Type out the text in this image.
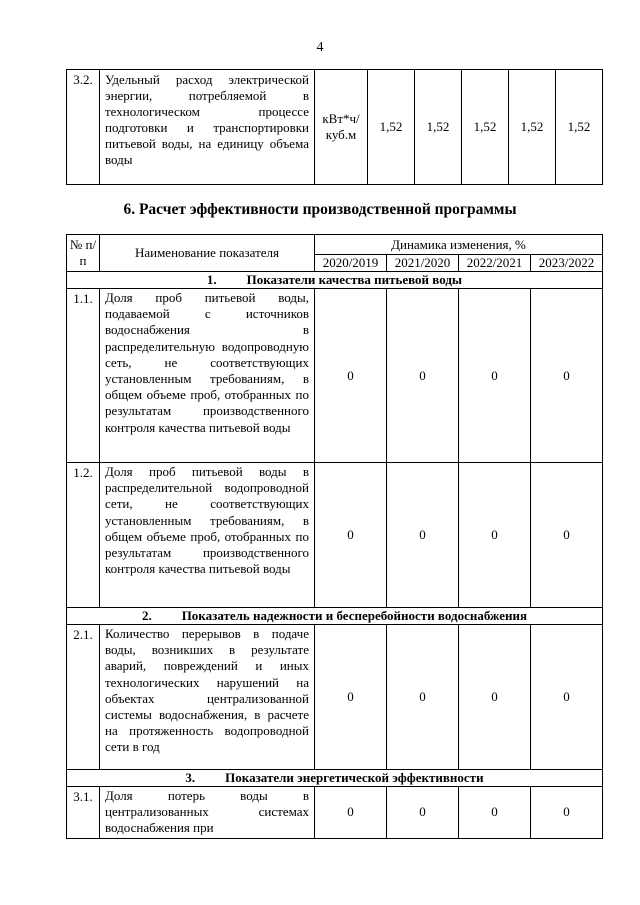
4
3.2.	Удельный расход электрической энергии, потребляемой в технологическом процессе подготовки и транспортировки питьевой воды, на единицу объема воды	кВт*ч/куб.м	1,52	1,52	1,52	1,52	1,52
6. Расчет эффективности производственной программы
№ п/п	Наименование показателя	Динамика изменения, %			
		2020/2019	2021/2020	2022/2021	2023/2022
1. Показатели качества питьевой воды					
1.1.	Доля проб питьевой воды, подаваемой с источников водоснабжения в распределительную водопроводную сеть, не соответствующих установленным требованиям, в общем объеме проб, отобранных по результатам производственного контроля качества питьевой воды	0	0	0	0
1.2.	Доля проб питьевой воды в распределительной водопроводной сети, не соответствующих установленным требованиям, в общем объеме проб, отобранных по результатам производственного контроля качества питьевой воды	0	0	0	0
2. Показатель надежности и бесперебойности водоснабжения					
2.1.	Количество перерывов в подаче воды, возникших в результате аварий, повреждений и иных технологических нарушений на объектах централизованной системы водоснабжения, в расчете на протяженность водопроводной сети в год	0	0	0	0
3. Показатели энергетической эффективности					
3.1.	Доля потерь воды в централизованных системах водоснабжения при	0	0	0	0
